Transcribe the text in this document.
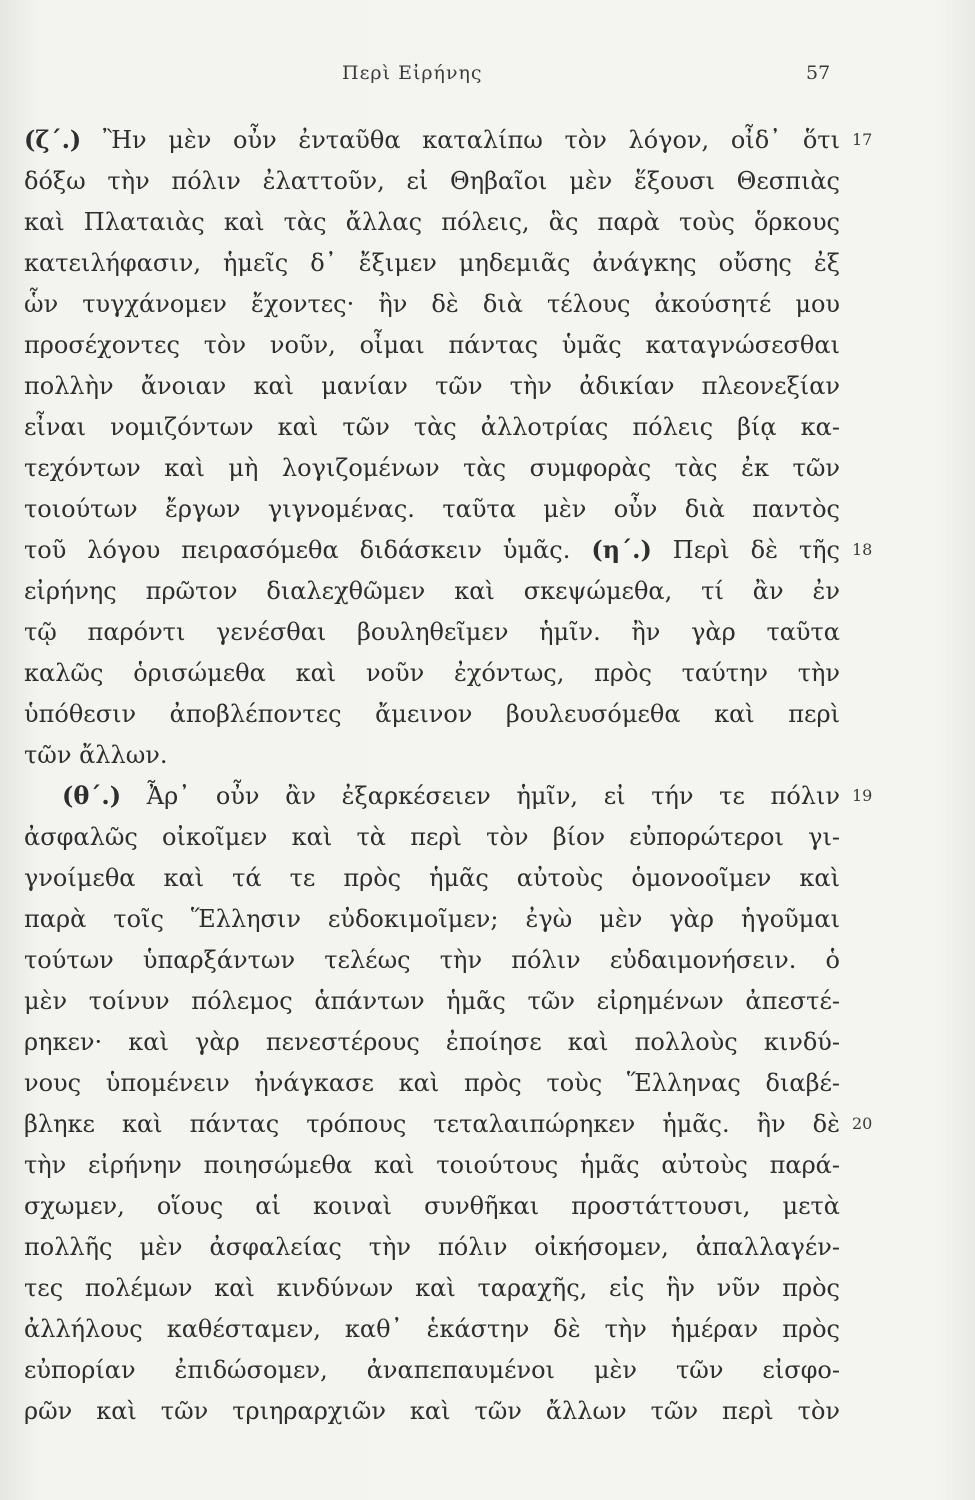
Περὶ Εἰρήνης	57
(ζ΄.) Ἢν μὲν οὖν ἐνταῦθα καταλίπω τὸν λόγον, οἶδ᾽ ὅτι 17
δόξω τὴν πόλιν ἐλαττοῦν, εἰ Θηβαῖοι μὲν ἕξουσι Θεσπιὰς
καὶ Πλαταιὰς καὶ τὰς ἄλλας πόλεις, ἃς παρὰ τοὺς ὅρκους
κατειλήφασιν, ἡμεῖς δ᾽ ἔξιμεν μηδεμιᾶς ἀνάγκης οὔσης ἐξ
ὧν τυγχάνομεν ἔχοντες· ἢν δὲ διὰ τέλους ἀκούσητέ μου
προσέχοντες τὸν νοῦν, οἶμαι πάντας ὑμᾶς καταγνώσεσθαι
πολλὴν ἄνοιαν καὶ μανίαν τῶν τὴν ἀδικίαν πλεονεξίαν
εἶναι νομιζόντων καὶ τῶν τὰς ἀλλοτρίας πόλεις βίᾳ κα-
τεχόντων καὶ μὴ λογιζομένων τὰς συμφορὰς τὰς ἐκ τῶν
τοιούτων ἔργων γιγνομένας. ταῦτα μὲν οὖν διὰ παντὸς
τοῦ λόγου πειρασόμεθα διδάσκειν ὑμᾶς. (η΄.) Περὶ δὲ τῆς 18
εἰρήνης πρῶτον διαλεχθῶμεν καὶ σκεψώμεθα, τί ἂν ἐν
τῷ παρόντι γενέσθαι βουληθεῖμεν ἡμῖν. ἢν γὰρ ταῦτα
καλῶς ὁρισώμεθα καὶ νοῦν ἐχόντως, πρὸς ταύτην τὴν
ὑπόθεσιν ἀποβλέποντες ἄμεινον βουλευσόμεθα καὶ περὶ
τῶν ἄλλων.
(θ΄.) Ἆρ᾽ οὖν ἂν ἐξαρκέσειεν ἡμῖν, εἰ τήν τε πόλιν 19
ἀσφαλῶς οἰκοῖμεν καὶ τὰ περὶ τὸν βίον εὐπορώτεροι γι-
γνοίμεθα καὶ τά τε πρὸς ἡμᾶς αὐτοὺς ὁμονοοῖμεν καὶ
παρὰ τοῖς Ἕλλησιν εὐδοκιμοῖμεν; ἐγὼ μὲν γὰρ ἡγοῦμαι
τούτων ὑπαρξάντων τελέως τὴν πόλιν εὐδαιμονήσειν. ὁ
μὲν τοίνυν πόλεμος ἁπάντων ἡμᾶς τῶν εἰρημένων ἀπεστέ-
ρηκεν· καὶ γὰρ πενεστέρους ἐποίησε καὶ πολλοὺς κινδύ-
νους ὑπομένειν ἠνάγκασε καὶ πρὸς τοὺς Ἕλληνας διαβέ-
βληκε καὶ πάντας τρόπους τεταλαιπώρηκεν ἡμᾶς. ἢν δὲ 20
τὴν εἰρήνην ποιησώμεθα καὶ τοιούτους ἡμᾶς αὐτοὺς παρά-
σχωμεν, οἵους αἱ κοιναὶ συνθῆκαι προστάττουσι, μετὰ
πολλῆς μὲν ἀσφαλείας τὴν πόλιν οἰκήσομεν, ἀπαλλαγέν-
τες πολέμων καὶ κινδύνων καὶ ταραχῆς, εἰς ἣν νῦν πρὸς
ἀλλήλους καθέσταμεν, καθ᾽ ἑκάστην δὲ τὴν ἡμέραν πρὸς
εὐπορίαν ἐπιδώσομεν, ἀναπεπαυμένοι μὲν τῶν εἰσφο-
ρῶν καὶ τῶν τριηραρχιῶν καὶ τῶν ἄλλων τῶν περὶ τὸν
